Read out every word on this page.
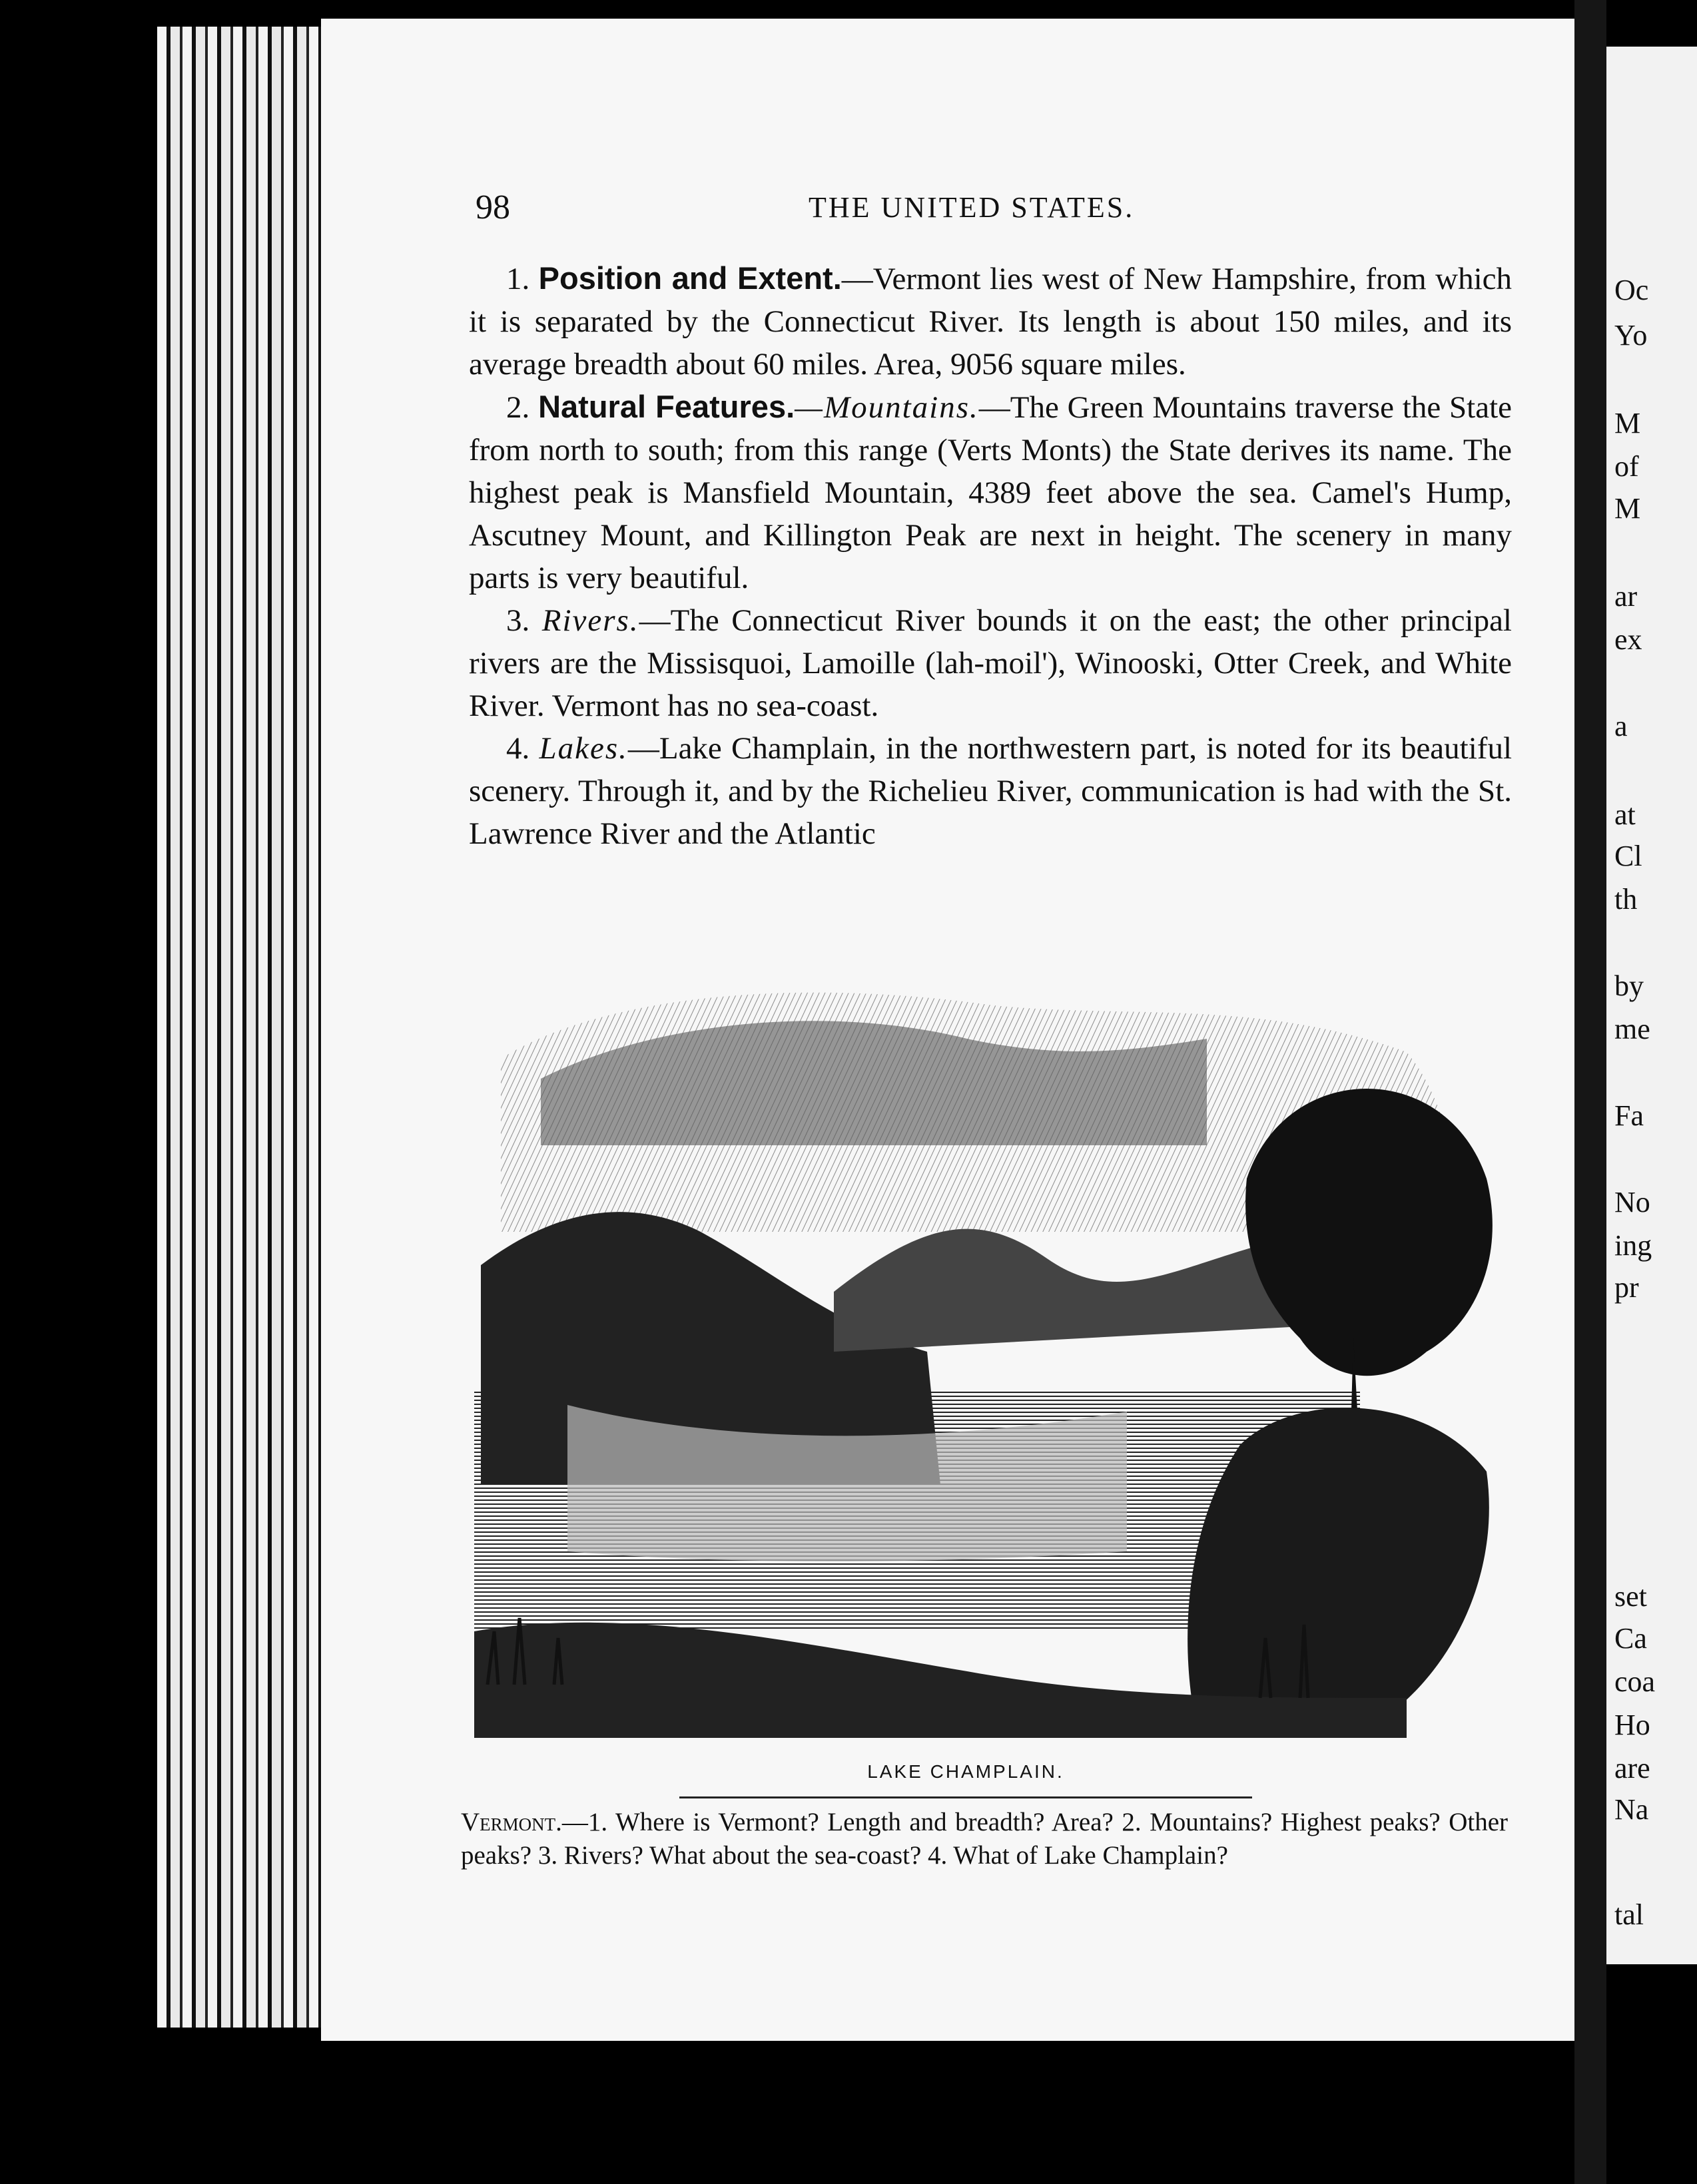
Oc
Yo
M
of
M
ar
ex
a
at
Cl
th
by
me
Fa
No
ing
pr
set
Ca
coa
Ho
are
Na
tal
98	THE UNITED STATES.

1. Position and Extent.—Vermont lies west of New Hampshire, from which it is separated by the Connecticut River. Its length is about 150 miles, and its average breadth about 60 miles. Area, 9056 square miles.

2. Natural Features.—Mountains.—The Green Mountains traverse the State from north to south; from this range (Verts Monts) the State derives its name. The highest peak is Mansfield Mountain, 4389 feet above the sea. Camel's Hump, Ascutney Mount, and Killington Peak are next in height. The scenery in many parts is very beautiful.

3. Rivers.—The Connecticut River bounds it on the east; the other principal rivers are the Missisquoi, Lamoille (lah-moil'), Winooski, Otter Creek, and White River. Vermont has no sea-coast.

4. Lakes.—Lake Champlain, in the northwestern part, is noted for its beautiful scenery. Through it, and by the Richelieu River, communication is had with the St. Lawrence River and the Atlantic

LAKE CHAMPLAIN.
Vermont.—1. Where is Vermont? Length and breadth? Area? 2. Mountains? Highest peaks? Other peaks? 3. Rivers? What about the sea-coast? 4. What of Lake Champlain?
